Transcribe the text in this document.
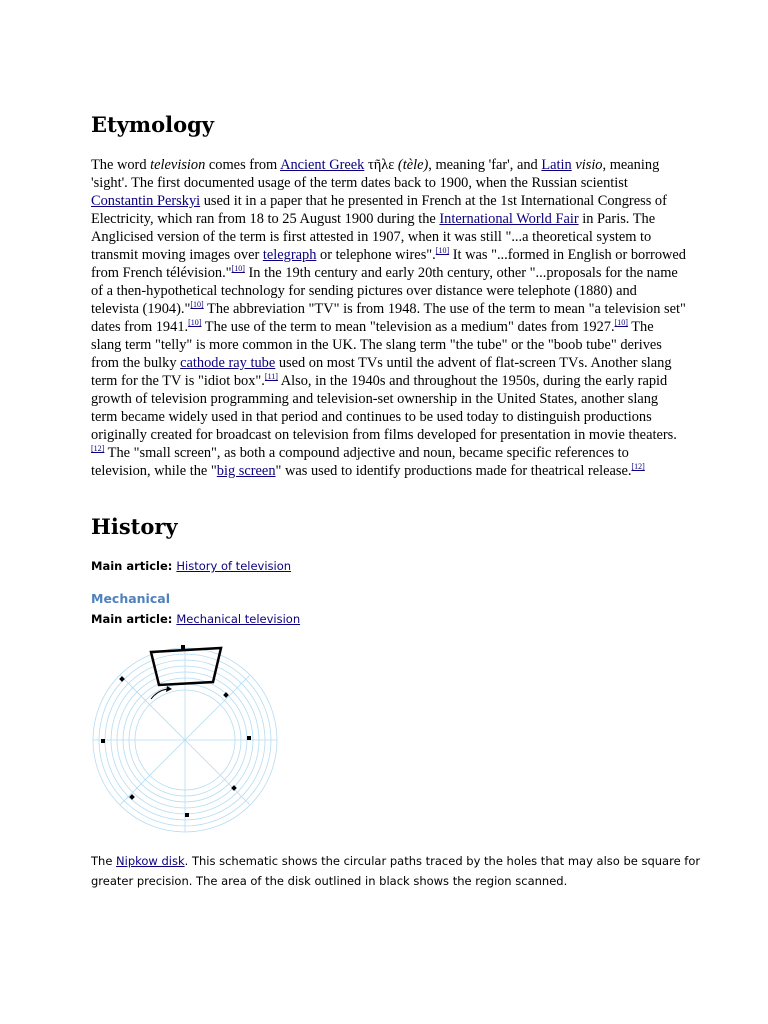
Etymology
The word television comes from Ancient Greek τῆλε (tèle), meaning 'far', and Latin visio, meaning 'sight'. The first documented usage of the term dates back to 1900, when the Russian scientist Constantin Perskyi used it in a paper that he presented in French at the 1st International Congress of Electricity, which ran from 18 to 25 August 1900 during the International World Fair in Paris. The Anglicised version of the term is first attested in 1907, when it was still "...a theoretical system to transmit moving images over telegraph or telephone wires".[10] It was "...formed in English or borrowed from French télévision."[10] In the 19th century and early 20th century, other "...proposals for the name of a then-hypothetical technology for sending pictures over distance were telephote (1880) and televista (1904)."[10] The abbreviation "TV" is from 1948. The use of the term to mean "a television set" dates from 1941.[10] The use of the term to mean "television as a medium" dates from 1927.[10] The slang term "telly" is more common in the UK. The slang term "the tube" or the "boob tube" derives from the bulky cathode ray tube used on most TVs until the advent of flat-screen TVs. Another slang term for the TV is "idiot box".[11] Also, in the 1940s and throughout the 1950s, during the early rapid growth of television programming and television-set ownership in the United States, another slang term became widely used in that period and continues to be used today to distinguish productions originally created for broadcast on television from films developed for presentation in movie theaters.[12] The "small screen", as both a compound adjective and noun, became specific references to television, while the "big screen" was used to identify productions made for theatrical release.[12]
History
Main article: History of television
Mechanical
Main article: Mechanical television
The Nipkow disk. This schematic shows the circular paths traced by the holes that may also be square for greater precision. The area of the disk outlined in black shows the region scanned.
